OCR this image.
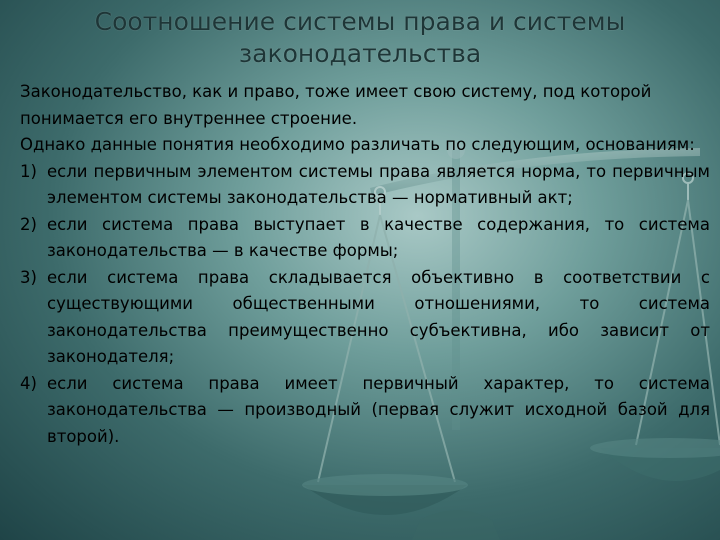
Соотношение системы права и системы
законодательства

Законодательство, как и право, тоже имеет свою систему, под которой понимается его внутреннее строение.

Однако данные понятия необходимо различать по следующим, основаниям:

1) если первичным элементом системы права является норма, то первичным элементом системы законодательства — нормативный акт;
2) если система права выступает в качестве содержания, то система законодательства — в качестве формы;
3) если система права складывается объективно в соответствии с существующими общественными отношениями, то система законодательства преимущественно субъективна, ибо зависит от законодателя;
4) если система права имеет первичный характер, то система законодательства — производный (первая служит исходной базой для второй).
